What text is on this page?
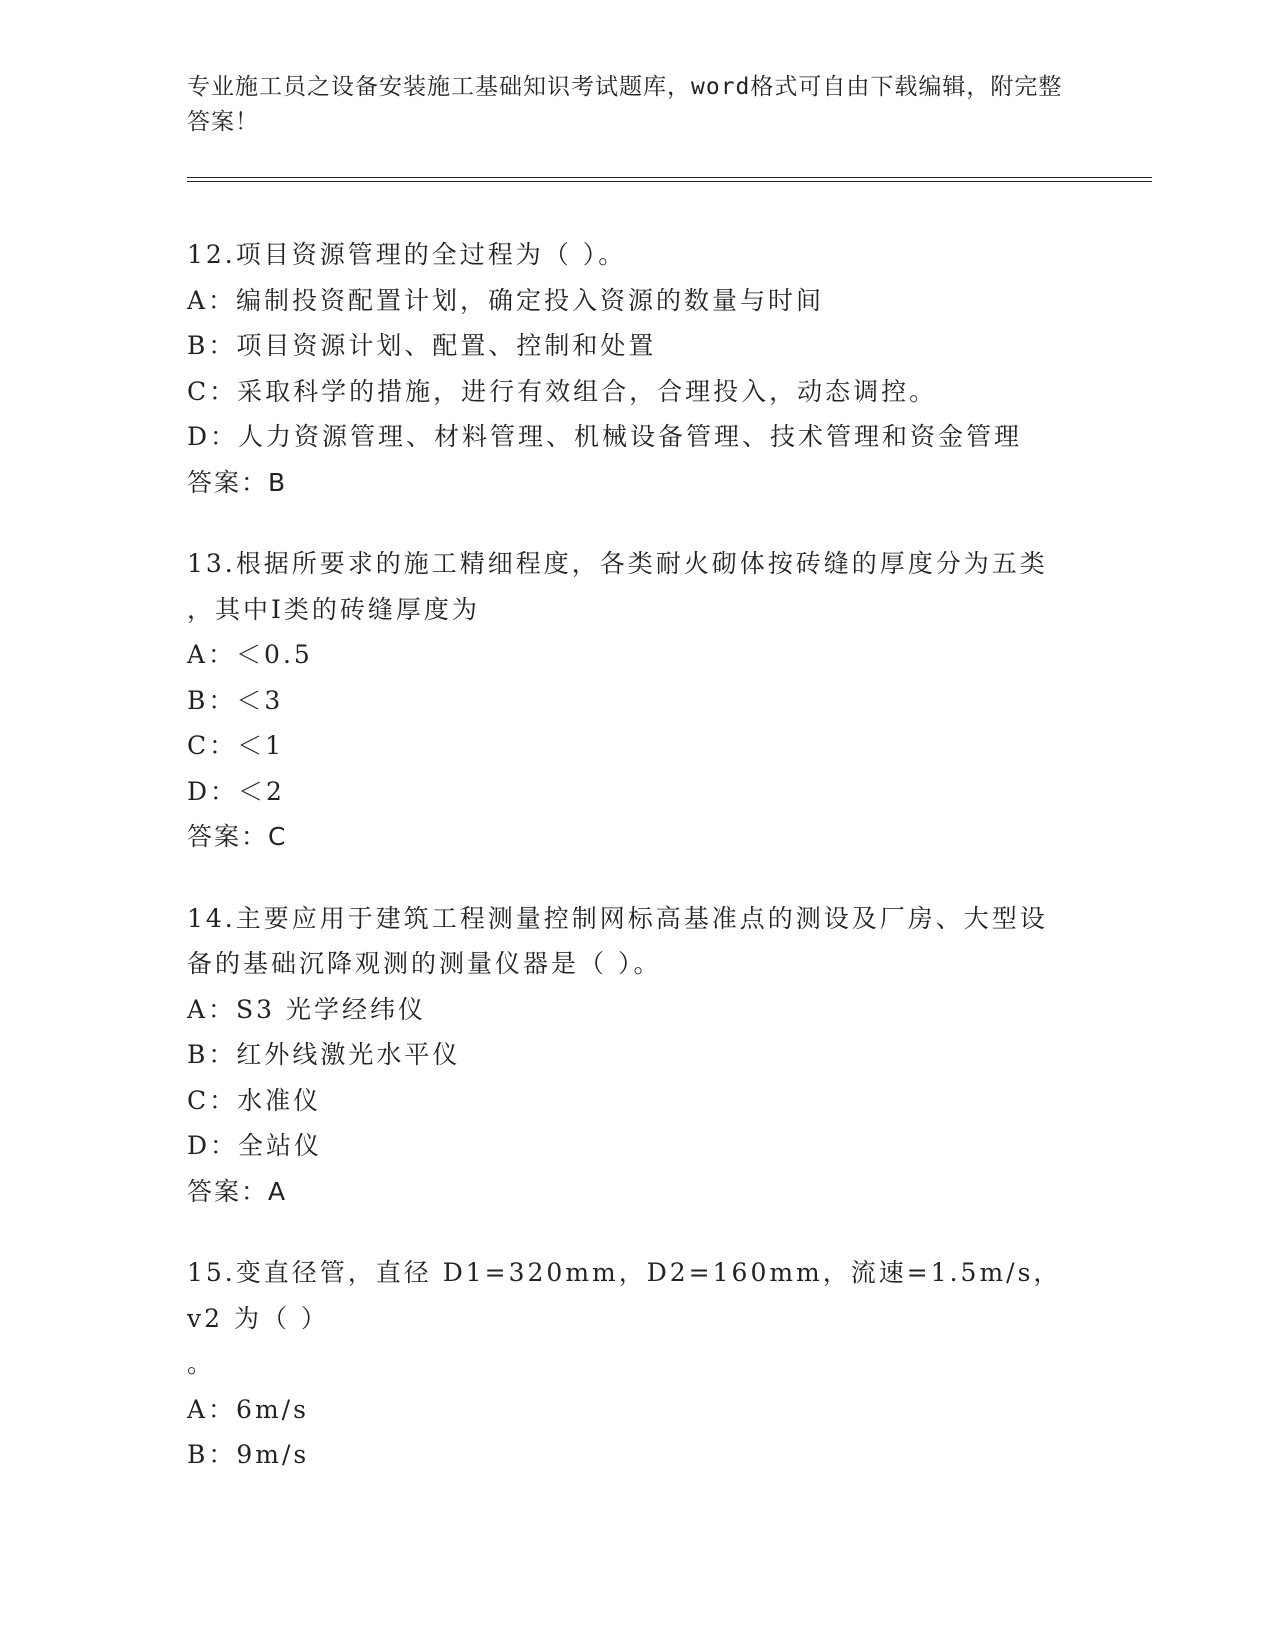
专业施工员之设备安装施工基础知识考试题库，word格式可自由下载编辑，附完整答案！

12.项目资源管理的全过程为（ ）。

A：编制投资配置计划，确定投入资源的数量与时间

B：项目资源计划、配置、控制和处置

C：采取科学的措施，进行有效组合，合理投入，动态调控。

D：人力资源管理、材料管理、机械设备管理、技术管理和资金管理

答案：B

13.根据所要求的施工精细程度，各类耐火砌体按砖缝的厚度分为五类

，其中Ⅰ类的砖缝厚度为

A：＜0.5

B：＜3

C：＜1

D：＜2

答案：C

14.主要应用于建筑工程测量控制网标高基准点的测设及厂房、大型设

备的基础沉降观测的测量仪器是（ ）。

A：S3 光学经纬仪

B：红外线激光水平仪

C：水准仪

D：全站仪

答案：A

15.变直径管，直径 D1=320mm，D2=160mm，流速=1.5m/s，v2 为（ ）

。

A：6m/s

B：9m/s
